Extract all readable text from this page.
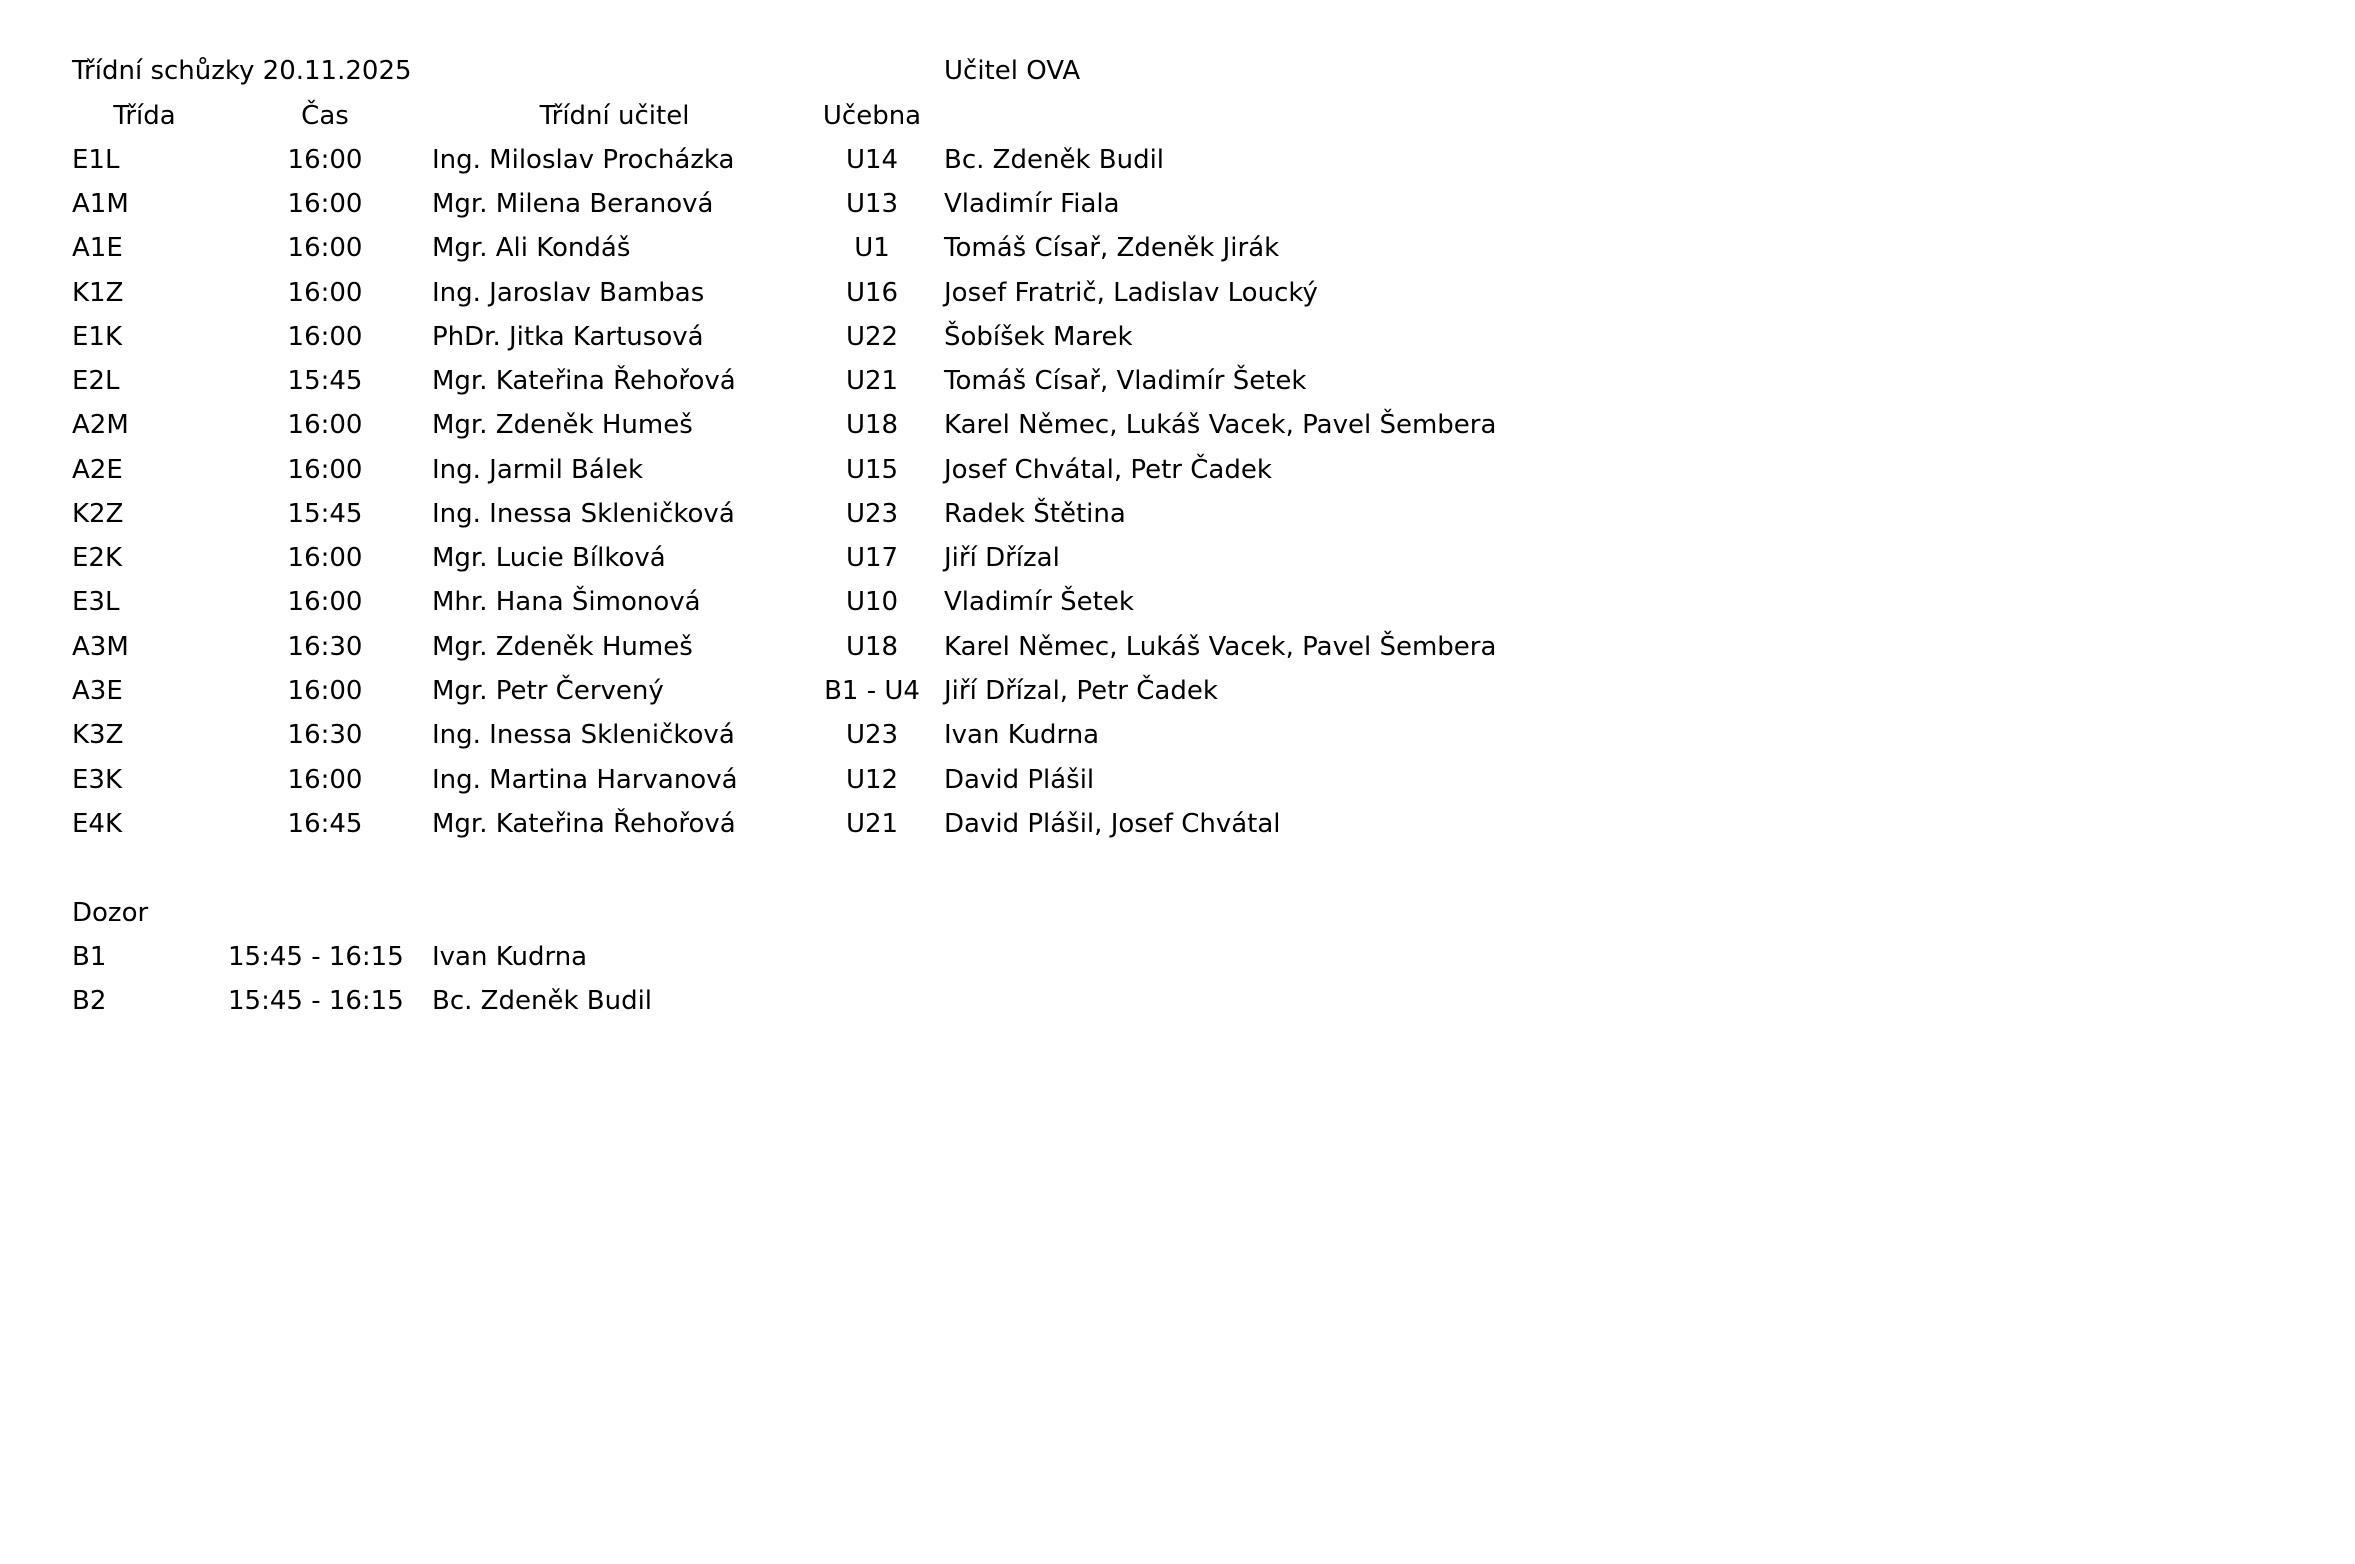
Třídní schůzky 20.11.2025	Učitel OVA
Třída	Čas	Třídní učitel	Učebna
E1L	16:00	Ing. Miloslav Procházka	U14	Bc. Zdeněk Budil
A1M	16:00	Mgr. Milena Beranová	U13	Vladimír Fiala
A1E	16:00	Mgr. Ali Kondáš	U1	Tomáš Císař, Zdeněk Jirák
K1Z	16:00	Ing. Jaroslav Bambas	U16	Josef Fratrič, Ladislav Loucký
E1K	16:00	PhDr. Jitka Kartusová	U22	Šobíšek Marek
E2L	15:45	Mgr. Kateřina Řehořová	U21	Tomáš Císař, Vladimír Šetek
A2M	16:00	Mgr. Zdeněk Humeš	U18	Karel Němec, Lukáš Vacek, Pavel Šembera
A2E	16:00	Ing. Jarmil Bálek	U15	Josef Chvátal, Petr Čadek
K2Z	15:45	Ing. Inessa Skleničková	U23	Radek Štětina
E2K	16:00	Mgr. Lucie Bílková	U17	Jiří Dřízal
E3L	16:00	Mhr. Hana Šimonová	U10	Vladimír Šetek
A3M	16:30	Mgr. Zdeněk Humeš	U18	Karel Němec, Lukáš Vacek, Pavel Šembera
A3E	16:00	Mgr. Petr Červený	B1 - U4 Jiří Dřízal, Petr Čadek
K3Z	16:30	Ing. Inessa Skleničková	U23	Ivan Kudrna
E3K	16:00	Ing. Martina Harvanová	U12	David Plášil
E4K	16:45	Mgr. Kateřina Řehořová	U21	David Plášil, Josef Chvátal
Dozor
B1	15:45 - 16:15 Ivan Kudrna
B2	15:45 - 16:15 Bc. Zdeněk Budil
